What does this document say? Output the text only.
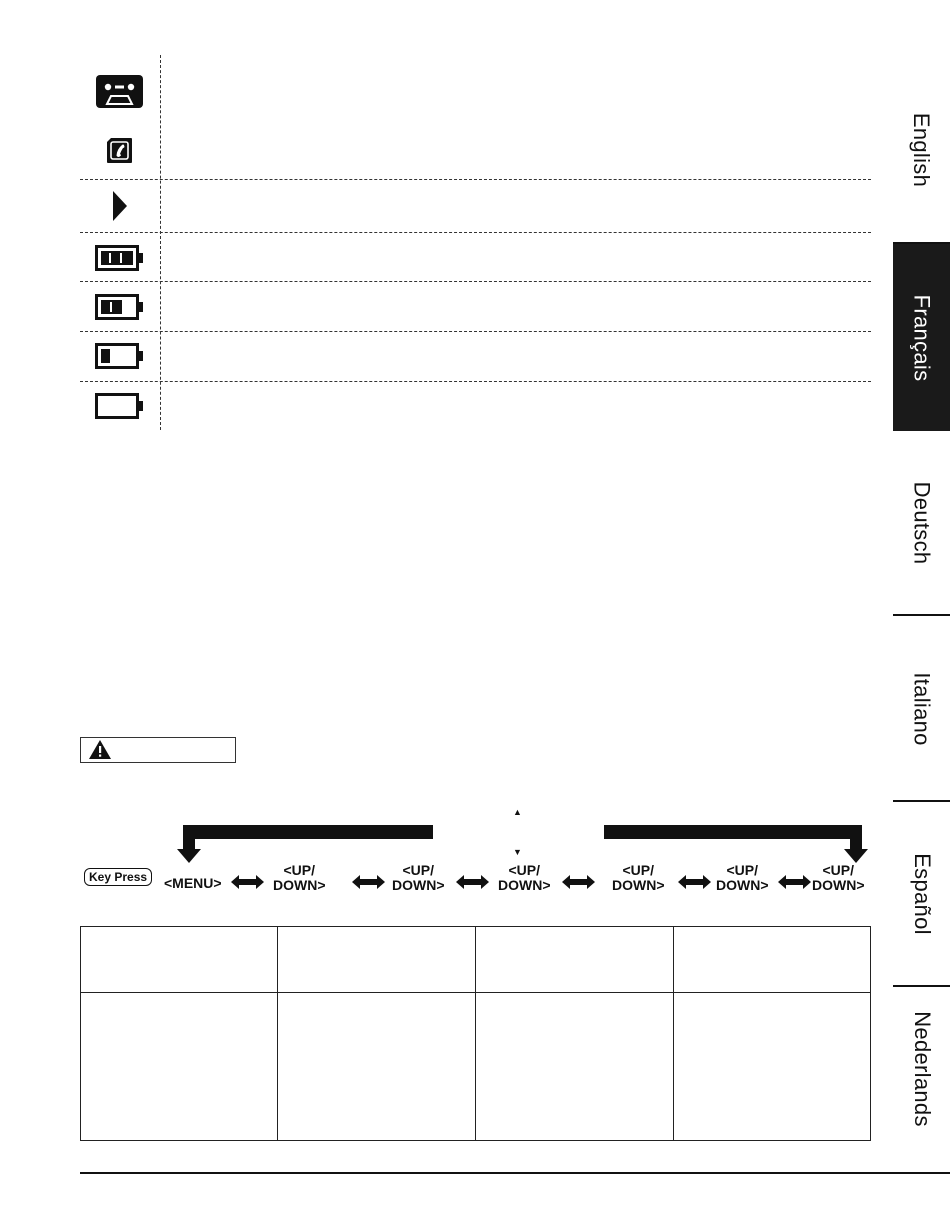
English
Français
Deutsch
Italiano
Español
Nederlands
▲
▼
Key Press	<MENU>
<UP/
DOWN>
<UP/
DOWN>
<UP/
DOWN>
<UP/
DOWN>
<UP/
DOWN>
<UP/
DOWN>
